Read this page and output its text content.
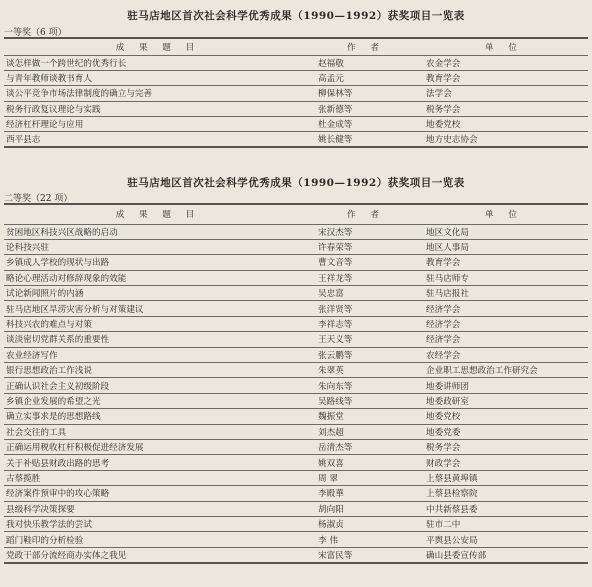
驻马店地区首次社会科学优秀成果（1990—1992）获奖项目一览表
一等奖（6 项）
成 果 题 目	作 者	单 位
谈怎样做一个跨世纪的优秀行长	赵福敬	农金学会
与青年教师谈教书育人	高孟元	教育学会
谈公平竞争市场法律制度的确立与完善	柳保林等	法学会
税务行政复议理论与实践	张新德等	税务学会
经济杠杆理论与应用	杜金成等	地委党校
西平县志	姚长健等	地方史志协会
驻马店地区首次社会科学优秀成果（1990—1992）获奖项目一览表
二等奖（22 项）
成 果 题 目	作 者	单 位
贫困地区科技兴区战略的启动	宋汉杰等	地区文化局
论科技兴驻	许春荣等	地区人事局
乡镇成人学校的现状与出路	曹文音等	教育学会
略论心理活动对修辞现象的效能	王祥龙等	驻马店师专
试论新闻照片的内涵	吴忠富	驻马店报社
驻马店地区旱涝灾害分析与对策建议	张洋贤等	经济学会
科技兴农的难点与对策	李祥志等	经济学会
谈淡密切党群关系的重要性	王天义等	经济学会
农业经济写作	张云鹏等	农经学会
银行思想政治工作浅说	朱翠英	企业职工思想政治工作研究会
正确认识社会主义初级阶段	朱向东等	地委讲师团
乡镇企业发展的希望之光	吴路线等	地委政研室
确立实事求是的思想路线	魏振堂	地委党校
社会交往的工具	刘杰超	地委党委
正确运用税收杠杆积极促进经济发展	岳清杰等	税务学会
关于补贴县财政出路的思考	姚双喜	财政学会
古蔡揽胜	周 翠	上蔡县黄埠镇
经济案件预审中的攻心策略	李殿華	上蔡县检察院
县级科学决策探要	胡向阳	中共新蔡县委
我对快乐教学法的尝试	杨淑贞	驻市二中
蹈门鞋印的分析检验	李 伟	平舆县公安局
党政干部分流经商办实体之我见	宋富民等	确山县委宣传部
